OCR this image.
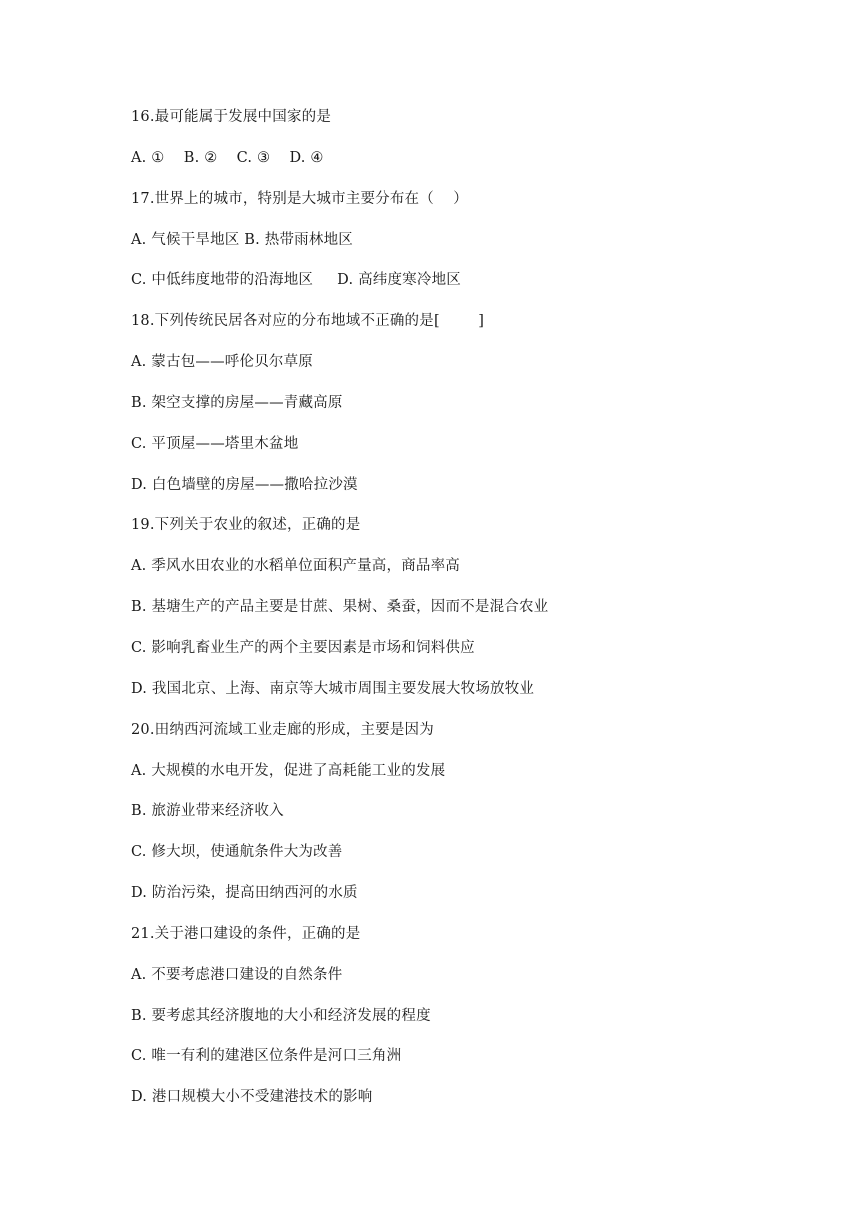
16.最可能属于发展中国家的是
A. ①    B. ②    C. ③    D. ④
17.世界上的城市，特别是大城市主要分布在（    ）
A. 气候干旱地区 B. 热带雨林地区
C. 中低纬度地带的沿海地区     D. 高纬度寒冷地区
18.下列传统民居各对应的分布地域不正确的是[        ]
A. 蒙古包——呼伦贝尔草原
B. 架空支撑的房屋——青藏高原
C. 平顶屋——塔里木盆地
D. 白色墙壁的房屋——撒哈拉沙漠
19.下列关于农业的叙述，正确的是
A. 季风水田农业的水稻单位面积产量高，商品率高
B. 基塘生产的产品主要是甘蔗、果树、桑蚕，因而不是混合农业
C. 影响乳畜业生产的两个主要因素是市场和饲料供应
D. 我国北京、上海、南京等大城市周围主要发展大牧场放牧业
20.田纳西河流域工业走廊的形成，主要是因为
A. 大规模的水电开发，促进了高耗能工业的发展
B. 旅游业带来经济收入
C. 修大坝，使通航条件大为改善
D. 防治污染，提高田纳西河的水质
21.关于港口建设的条件，正确的是
A. 不要考虑港口建设的自然条件
B. 要考虑其经济腹地的大小和经济发展的程度
C. 唯一有利的建港区位条件是河口三角洲
D. 港口规模大小不受建港技术的影响
